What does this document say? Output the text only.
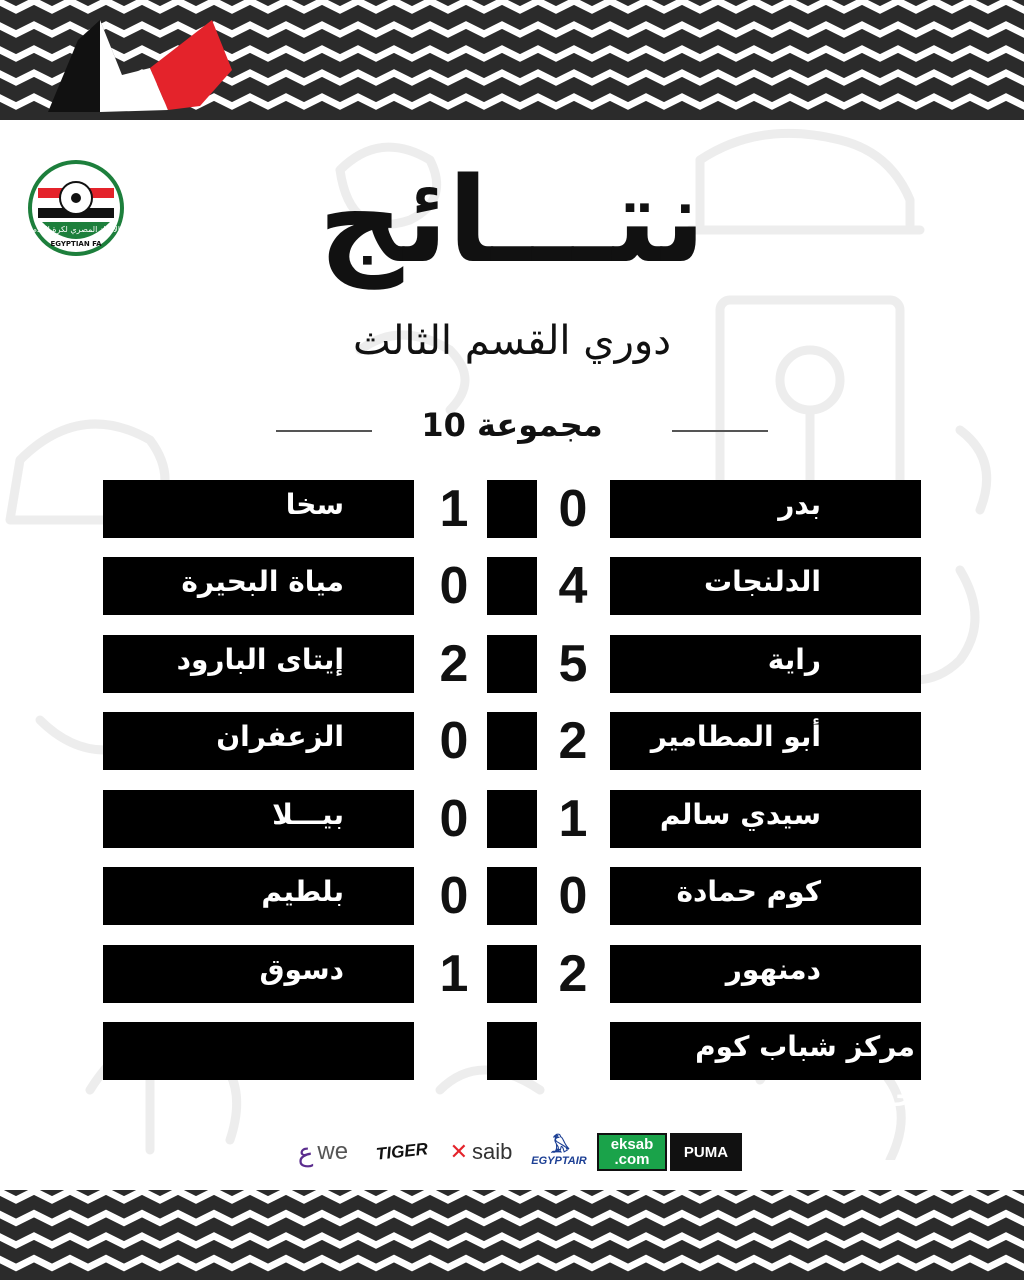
الاتحاد المصري لكرة القدم
EGYPTIAN FA	نتـــائج
دوري القسم الثالث
مجموعة 10
بدر
0
1
سخا
الدلنجات
4
0
مياة البحيرة
راية
5
2
إيتاى البارود
أبو المطامير
2
0
الزعفران
سيدي سالم
1
0
بيـــلا
كوم حمادة
0
0
بلطيم
دمنهور
2
1
دسوق
مركز شباب كوم حمادة
ع we TIGER ✕ saib 𓅃
EGYPTAIR
eksab .com	PUMA
